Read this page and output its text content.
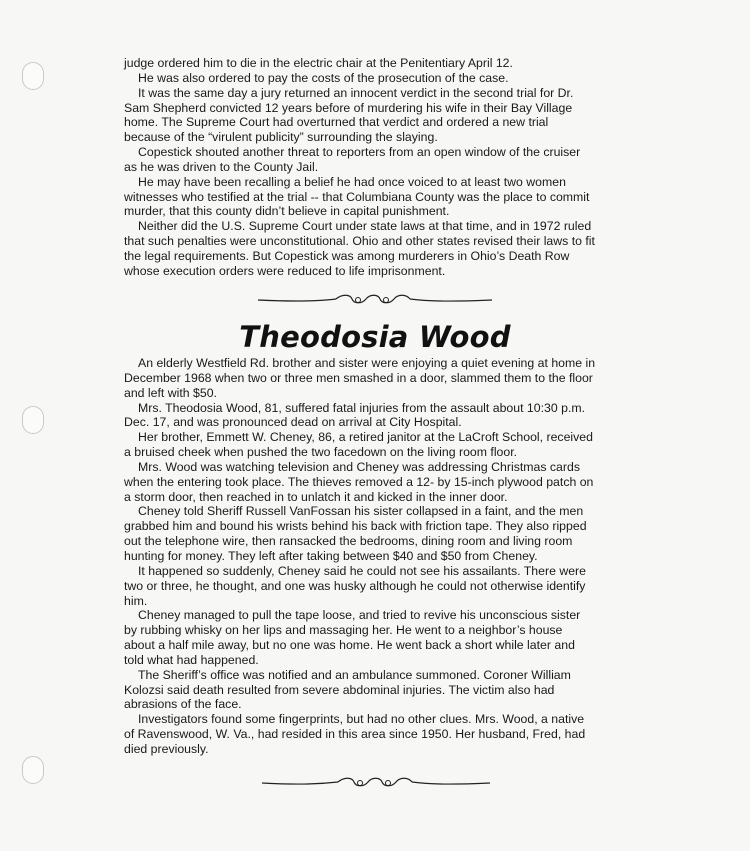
judge ordered him to die in the electric chair at the Penitentiary April 12.

He was also ordered to pay the costs of the prosecution of the case.

It was the same day a jury returned an innocent verdict in the second trial for Dr. Sam Shepherd convicted 12 years before of murdering his wife in their Bay Village home. The Supreme Court had overturned that verdict and ordered a new trial because of the “virulent publicity” surrounding the slaying.

Copestick shouted another threat to reporters from an open window of the cruiser as he was driven to the County Jail.

He may have been recalling a belief he had once voiced to at least two women witnesses who testified at the trial -- that Columbiana County was the place to commit murder, that this county didn’t believe in capital punishment.

Neither did the U.S. Supreme Court under state laws at that time, and in 1972 ruled that such penalties were unconstitutional. Ohio and other states revised their laws to fit the legal requirements. But Copestick was among murderers in Ohio’s Death Row whose execution orders were reduced to life imprisonment.

Theodosia Wood

An elderly Westfield Rd. brother and sister were enjoying a quiet evening at home in December 1968 when two or three men smashed in a door, slammed them to the floor and left with $50.

Mrs. Theodosia Wood, 81, suffered fatal injuries from the assault about 10:30 p.m. Dec. 17, and was pronounced dead on arrival at City Hospital.

Her brother, Emmett W. Cheney, 86, a retired janitor at the LaCroft School, received a bruised cheek when pushed the two facedown on the living room floor.

Mrs. Wood was watching television and Cheney was addressing Christmas cards when the entering took place. The thieves removed a 12- by 15-inch plywood patch on a storm door, then reached in to unlatch it and kicked in the inner door.

Cheney told Sheriff Russell VanFossan his sister collapsed in a faint, and the men grabbed him and bound his wrists behind his back with friction tape. They also ripped out the telephone wire, then ransacked the bedrooms, dining room and living room hunting for money. They left after taking between $40 and $50 from Cheney.

It happened so suddenly, Cheney said he could not see his assailants. There were two or three, he thought, and one was husky although he could not otherwise identify him.

Cheney managed to pull the tape loose, and tried to revive his unconscious sister by rubbing whisky on her lips and massaging her. He went to a neighbor’s house about a half mile away, but no one was home. He went back a short while later and told what had happened.

The Sheriff’s office was notified and an ambulance summoned. Coroner William Kolozsi said death resulted from severe abdominal injuries. The victim also had abrasions of the face.

Investigators found some fingerprints, but had no other clues. Mrs. Wood, a native of Ravenswood, W. Va., had resided in this area since 1950. Her husband, Fred, had died previously.
